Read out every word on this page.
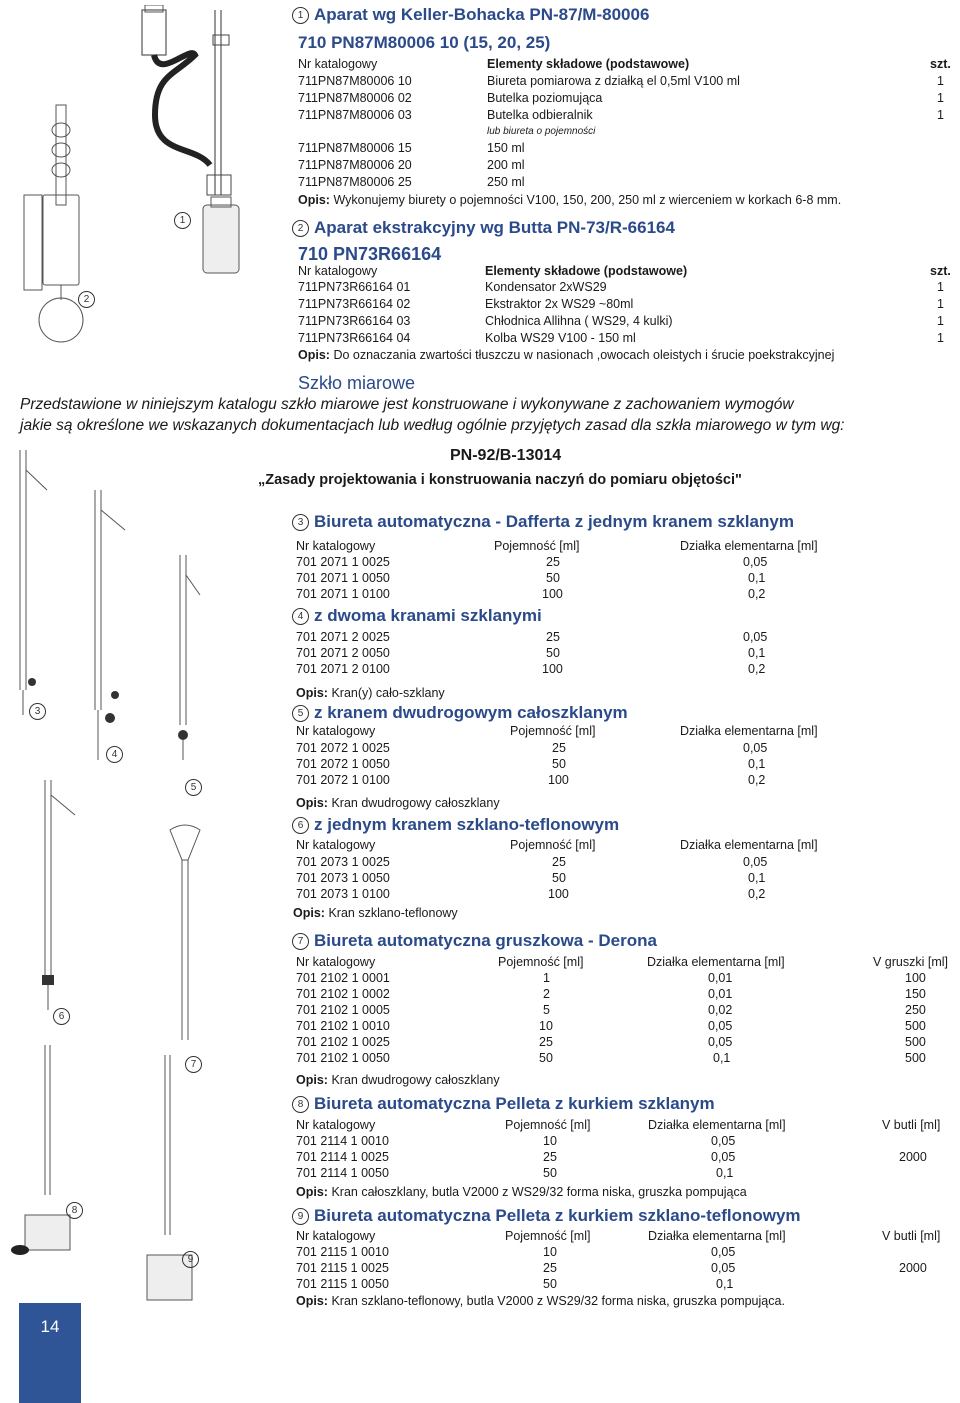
1
2
3
4
5
6
7
8
9
1 Aparat wg Keller-Bohacka PN-87/M-80006
710 PN87M80006 10 (15, 20, 25)
Nr katalogowy	Elementy składowe (podstawowe)	szt.
711PN87M80006 10	Biureta pomiarowa z działką el 0,5ml V100 ml	1
711PN87M80006 02	Butelka poziomująca	1
711PN87M80006 03	Butelka odbieralnik	1
lub biureta o pojemności
711PN87M80006 15	150 ml
711PN87M80006 20	200 ml
711PN87M80006 25	250 ml
Opis: Wykonujemy biurety o pojemności V100, 150, 200, 250 ml z wierceniem w korkach 6-8 mm.
2 Aparat ekstrakcyjny wg Butta PN-73/R-66164
710 PN73R66164
Nr katalogowy	Elementy składowe (podstawowe)	szt.
711PN73R66164 01	Kondensator 2xWS29	1
711PN73R66164 02	Ekstraktor 2x WS29 ~80ml	1
711PN73R66164 03	Chłodnica Allihna ( WS29, 4 kulki)	1
711PN73R66164 04	Kolba WS29 V100 - 150 ml	1
Opis: Do oznaczania zwartości tłuszczu w nasionach ,owocach oleistych i śrucie poekstrakcyjnej
Szkło miarowe
Przedstawione w niniejszym katalogu szkło miarowe jest konstruowane i wykonywane z zachowaniem wymogów
jakie są określone we wskazanych dokumentacjach lub według ogólnie przyjętych zasad dla szkła miarowego w tym wg:
PN-92/B-13014
„Zasady projektowania i konstruowania naczyń do pomiaru objętości"
3 Biureta automatyczna - Dafferta z jednym kranem szklanym
Nr katalogowy	Pojemność [ml]	Działka elementarna [ml]
701 2071 1 0025	25	0,05
701 2071 1 0050	50	0,1
701 2071 1 0100	100	0,2
4 z dwoma kranami szklanymi
701 2071 2 0025	25	0,05
701 2071 2 0050	50	0,1
701 2071 2 0100	100	0,2
Opis: Kran(y) cało-szklany
5 z kranem dwudrogowym całoszklanym
Nr katalogowy	Pojemność [ml]	Działka elementarna [ml]
701 2072 1 0025	25	0,05
701 2072 1 0050	50	0,1
701 2072 1 0100	100	0,2
Opis: Kran dwudrogowy całoszklany
6 z jednym kranem szklano-teflonowym
Nr katalogowy	Pojemność [ml]	Działka elementarna [ml]
701 2073 1 0025	25	0,05
701 2073 1 0050	50	0,1
701 2073 1 0100	100	0,2
Opis: Kran szklano-teflonowy
7 Biureta automatyczna gruszkowa - Derona
Nr katalogowy	Pojemność [ml]	Działka elementarna [ml]	V gruszki [ml]
701 2102 1 0001	1	0,01	100
701 2102 1 0002	2	0,01	150
701 2102 1 0005	5	0,02	250
701 2102 1 0010	10	0,05	500
701 2102 1 0025	25	0,05	500
701 2102 1 0050	50	0,1	500
Opis: Kran dwudrogowy całoszklany
8 Biureta automatyczna Pelleta z kurkiem szklanym
Nr katalogowy	Pojemność [ml]	Działka elementarna [ml]	V butli [ml]
701 2114 1 0010	10	0,05
701 2114 1 0025	25	0,05	2000
701 2114 1 0050	50	0,1
Opis: Kran całoszklany, butla V2000 z WS29/32 forma niska, gruszka pompująca
9 Biureta automatyczna Pelleta z kurkiem szklano-teflonowym
Nr katalogowy	Pojemność [ml]	Działka elementarna [ml]	V butli [ml]
701 2115 1 0010	10	0,05
701 2115 1 0025	25	0,05	2000
701 2115 1 0050	50	0,1
Opis: Kran szklano-teflonowy, butla V2000 z WS29/32 forma niska, gruszka pompująca.
14
